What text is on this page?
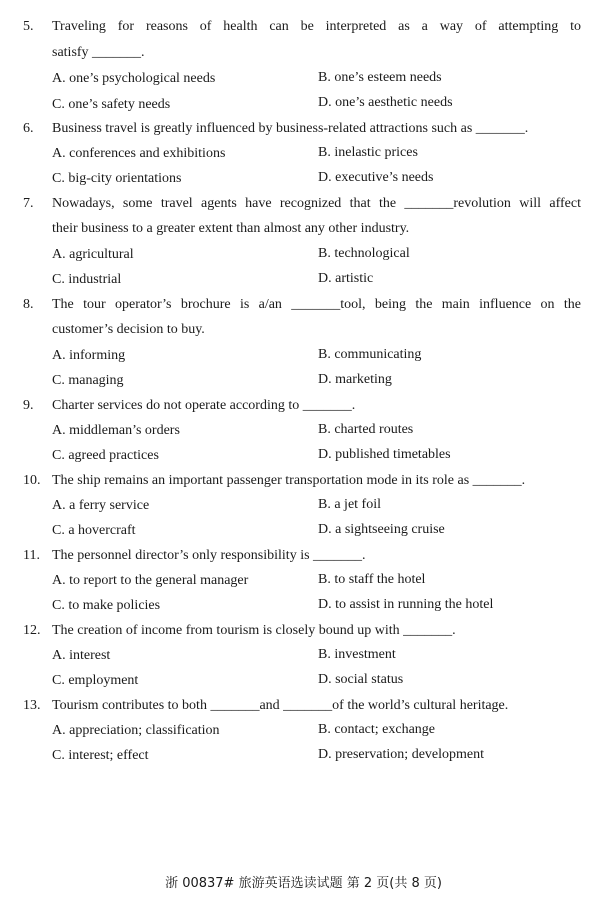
5. Traveling for reasons of health can be interpreted as a way of attempting to
satisfy _______.
A. one’s psychological needs	B. one’s esteem needs
C. one’s safety needs	D. one’s aesthetic needs
6. Business travel is greatly influenced by business-related attractions such as _______.
A. conferences and exhibitions	B. inelastic prices
C. big-city orientations	D. executive’s needs
7. Nowadays, some travel agents have recognized that the _______revolution will affect
their business to a greater extent than almost any other industry.
A. agricultural	B. technological
C. industrial	D. artistic
8. The tour operator’s brochure is a/an _______tool, being the main influence on the
customer’s decision to buy.
A. informing	B. communicating
C. managing	D. marketing
9. Charter services do not operate according to _______.
A. middleman’s orders	B. charted routes
C. agreed practices	D. published timetables
10. The ship remains an important passenger transportation mode in its role as _______.
A. a ferry service	B. a jet foil
C. a hovercraft	D. a sightseeing cruise
11. The personnel director’s only responsibility is _______.
A. to report to the general manager	B. to staff the hotel
C. to make policies	D. to assist in running the hotel
12. The creation of income from tourism is closely bound up with _______.
A. interest	B. investment
C. employment	D. social status
13. Tourism contributes to both _______and _______of the world’s cultural heritage.
A. appreciation; classification	B. contact; exchange
C. interest; effect	D. preservation; development
浙 00837# 旅游英语选读试题 第 2 页(共 8 页)
